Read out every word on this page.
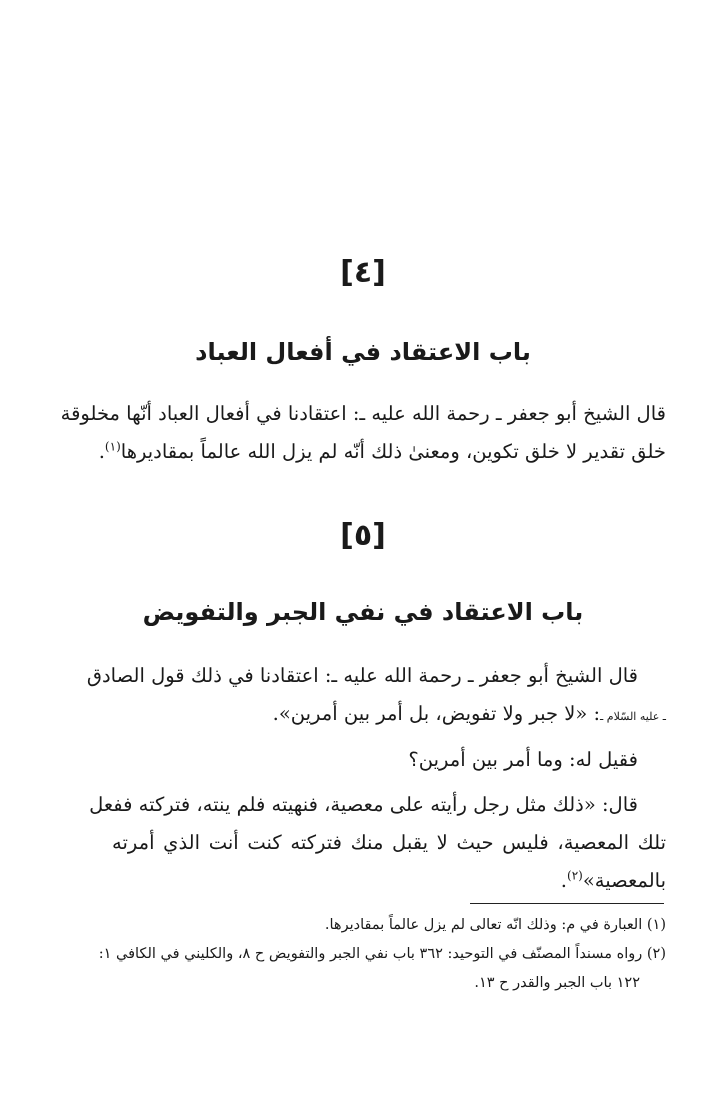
[٤]
باب الاعتقاد في أفعال العباد
قال الشيخ أبو جعفر ـ رحمة الله عليه ـ: اعتقادنا في أفعال العباد أنّها مخلوقة
خلق تقدير لا خلق تكوين، ومعنىٰ ذلك أنّه لم يزل الله عالماً بمقاديرها$^{(١)}$.
[٥]
باب الاعتقاد في نفي الجبر والتفويض
قال الشيخ أبو جعفر ـ رحمة الله عليه ـ: اعتقادنا في ذلك قول الصادق
ـ عليه السّلام ـ: «لا جبر ولا تفويض، بل أمر بين أمرين».
فقيل له: وما أمر بين أمرين؟
قال: «ذلك مثل رجل رأيته على معصية، فنهيته فلم ينته، فتركته ففعل
تلك المعصية، فليس حيث لا يقبل منك فتركته كنت أنت الذي أمرته
بالمعصية»$^{(٢)}$.
(١) العبارة في م: وذلك انّه تعالى لم يزل عالماً بمقاديرها.
(٢) رواه مسنداً المصنّف في التوحيد: ٣٦٢ باب نفي الجبر والتفويض ح ٨، والكليني في الكافي ١:
١٢٢ باب الجبر والقدر ح ١٣.
